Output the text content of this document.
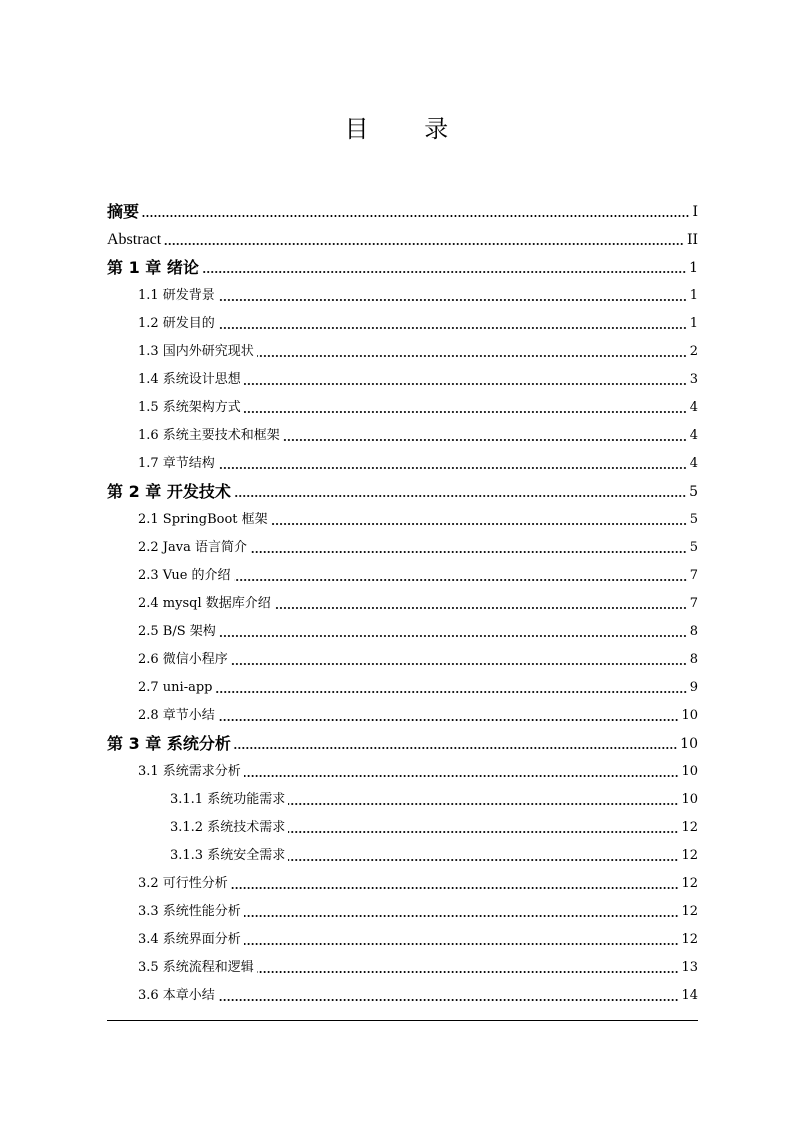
目 录
摘要	I
Abstract	II
第 1 章 绪论	1
1.1 研发背景	1
1.2 研发目的	1
1.3 国内外研究现状	2
1.4 系统设计思想	3
1.5 系统架构方式	4
1.6 系统主要技术和框架	4
1.7 章节结构	4
第 2 章 开发技术	5
2.1 SpringBoot 框架	5
2.2 Java 语言简介	5
2.3 Vue 的介绍	7
2.4 mysql 数据库介绍	7
2.5 B/S 架构	8
2.6 微信小程序	8
2.7 uni-app	9
2.8 章节小结	10
第 3 章 系统分析	10
3.1 系统需求分析	10
3.1.1 系统功能需求	10
3.1.2 系统技术需求	12
3.1.3 系统安全需求	12
3.2 可行性分析	12
3.3 系统性能分析	12
3.4 系统界面分析	12
3.5 系统流程和逻辑	13
3.6 本章小结	14
